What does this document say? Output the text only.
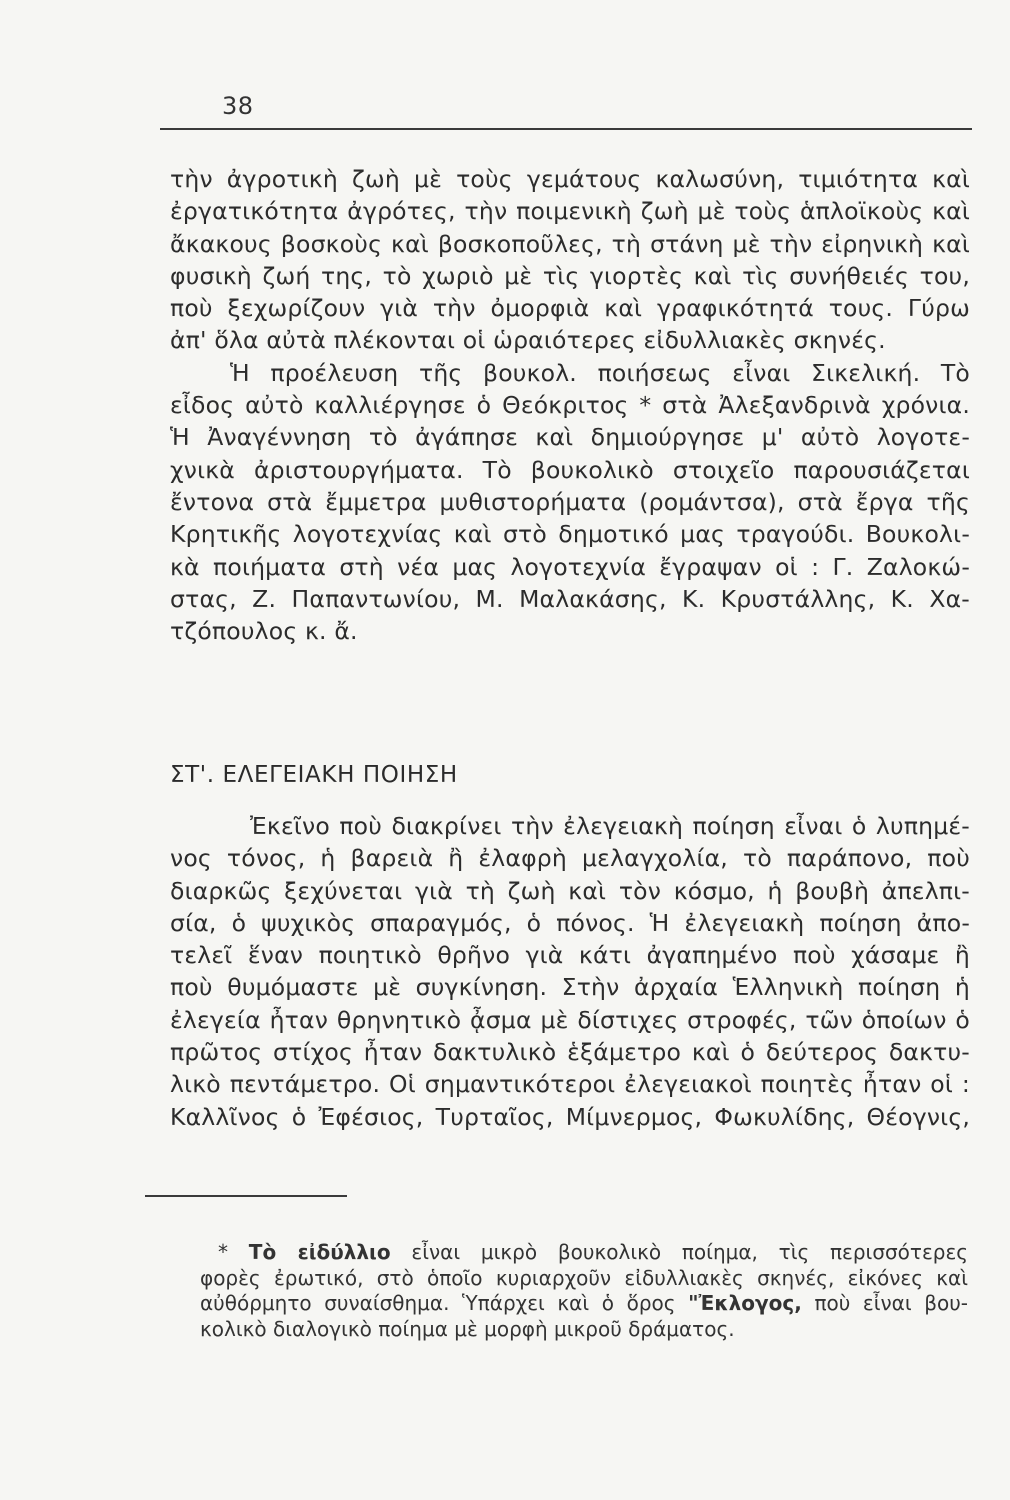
38
τὴν ἀγροτικὴ ζωὴ μὲ τοὺς γεμάτους καλωσύνη, τιμιότητα καὶ
ἐργατικότητα ἀγρότες, τὴν ποιμενικὴ ζωὴ μὲ τοὺς ἁπλοϊκοὺς καὶ
ἄκακους βοσκοὺς καὶ βοσκοποῦλες, τὴ στάνη μὲ τὴν εἰρηνικὴ καὶ
φυσικὴ ζωή της, τὸ χωριὸ μὲ τὶς γιορτὲς καὶ τὶς συνήθειές του,
ποὺ ξεχωρίζουν γιὰ τὴν ὀμορφιὰ καὶ γραφικότητά τους. Γύρω
ἀπ' ὅλα αὐτὰ πλέκονται οἱ ὡραιότερες εἰδυλλιακὲς σκηνές.
Ἡ προέλευση τῆς βουκολ. ποιήσεως εἶναι Σικελική. Τὸ
εἶδος αὐτὸ καλλιέργησε ὁ Θεόκριτος * στὰ Ἀλεξανδρινὰ χρόνια.
Ἡ Ἀναγέννηση τὸ ἀγάπησε καὶ δημιούργησε μ' αὐτὸ λογοτε-
χνικὰ ἀριστουργήματα. Τὸ βουκολικὸ στοιχεῖο παρουσιάζεται
ἔντονα στὰ ἔμμετρα μυθιστορήματα (ρομάντσα), στὰ ἔργα τῆς
Κρητικῆς λογοτεχνίας καὶ στὸ δημοτικό μας τραγούδι. Βουκολι-
κὰ ποιήματα στὴ νέα μας λογοτεχνία ἔγραψαν οἱ : Γ. Ζαλοκώ-
στας, Ζ. Παπαντωνίου, Μ. Μαλακάσης, Κ. Κρυστάλλης, Κ. Χα-
τζόπουλος κ. ἄ.
ΣΤ'. ΕΛΕΓΕΙΑΚΗ ΠΟΙΗΣΗ
Ἐκεῖνο ποὺ διακρίνει τὴν ἐλεγειακὴ ποίηση εἶναι ὁ λυπημέ-
νος τόνος, ἡ βαρειὰ ἢ ἐλαφρὴ μελαγχολία, τὸ παράπονο, ποὺ
διαρκῶς ξεχύνεται γιὰ τὴ ζωὴ καὶ τὸν κόσμο, ἡ βουβὴ ἀπελπι-
σία, ὁ ψυχικὸς σπαραγμός, ὁ πόνος. Ἡ ἐλεγειακὴ ποίηση ἀπο-
τελεῖ ἕναν ποιητικὸ θρῆνο γιὰ κάτι ἀγαπημένο ποὺ χάσαμε ἢ
ποὺ θυμόμαστε μὲ συγκίνηση. Στὴν ἀρχαία Ἑλληνικὴ ποίηση ἡ
ἐλεγεία ἦταν θρηνητικὸ ᾆσμα μὲ δίστιχες στροφές, τῶν ὁποίων ὁ
πρῶτος στίχος ἦταν δακτυλικὸ ἑξάμετρο καὶ ὁ δεύτερος δακτυ-
λικὸ πεντάμετρο. Οἱ σημαντικότεροι ἐλεγειακοὶ ποιητὲς ἦταν οἱ :
Καλλῖνος ὁ Ἐφέσιος, Τυρταῖος, Μίμνερμος, Φωκυλίδης, Θέογνις,
* Τὸ εἰδύλλιο εἶναι μικρὸ βουκολικὸ ποίημα, τὶς περισσότερες
φορὲς ἐρωτικό, στὸ ὁποῖο κυριαρχοῦν εἰδυλλιακὲς σκηνές, εἰκόνες καὶ
αὐθόρμητο συναίσθημα. Ὑπάρχει καὶ ὁ ὅρος "Ἐκλογος, ποὺ εἶναι βου-
κολικὸ διαλογικὸ ποίημα μὲ μορφὴ μικροῦ δράματος.
